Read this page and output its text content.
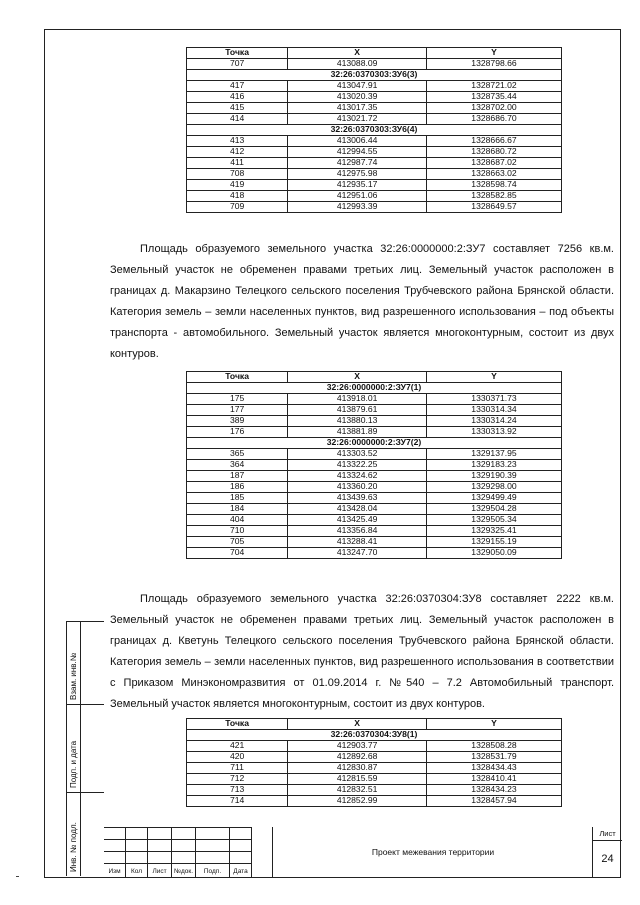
Точка	X	Y
707	413088.09	1328798.66
32:26:0370303:ЗУ6(3)		
417	413047.91	1328721.02
416	413020.39	1328735.44
415	413017.35	1328702.00
414	413021.72	1328686.70
32:26:0370303:ЗУ6(4)		
413	413006.44	1328666.67
412	412994.55	1328680.72
411	412987.74	1328687.02
708	412975.98	1328663.02
419	412935.17	1328598.74
418	412951.06	1328582.85
709	412993.39	1328649.57

Площадь образуемого земельного участка 32:26:0000000:2:ЗУ7 составляет 7256 кв.м. Земельный участок не обременен правами третьих лиц. Земельный участок расположен в границах д. Макарзино Телецкого сельского поселения Трубчевского района Брянской области. Категория земель – земли населенных пунктов, вид разрешенного использования – под объекты транспорта - автомобильного. Земельный участок является многоконтурным, состоит из двух контуров.

Точка	X	Y
32:26:0000000:2:ЗУ7(1)		
175	413918.01	1330371.73
177	413879.61	1330314.34
389	413880.13	1330314.24
176	413881.89	1330313.92
32:26:0000000:2:ЗУ7(2)		
365	413303.52	1329137.95
364	413322.25	1329183.23
187	413324.62	1329190.39
186	413360.20	1329298.00
185	413439.63	1329499.49
184	413428.04	1329504.28
404	413425.49	1329505.34
710	413356.84	1329325.41
705	413288.41	1329155.19
704	413247.70	1329050.09

Площадь образуемого земельного участка 32:26:0370304:ЗУ8 составляет 2222 кв.м. Земельный участок не обременен правами третьих лиц. Земельный участок расположен в границах д. Кветунь Телецкого сельского поселения Трубчевского района Брянской области. Категория земель – земли населенных пунктов, вид разрешенного использования в соответствии с Приказом Минэкономразвития от 01.09.2014 г. №540 – 7.2 Автомобильный транспорт. Земельный участок является многоконтурным, состоит из двух контуров.

Точка	X	Y
32:26:0370304:ЗУ8(1)		
421	412903.77	1328508.28
420	412892.68	1328531.79
711	412830.87	1328434.43
712	412815.59	1328410.41
713	412832.51	1328434.23
714	412852.99	1328457.94
Взам. инв.№
Подп. и дата
Инв. № подл.	Изм	Кол	Лист	№док.	Подп.	Дата
Проект межевания территории
Лист
24
